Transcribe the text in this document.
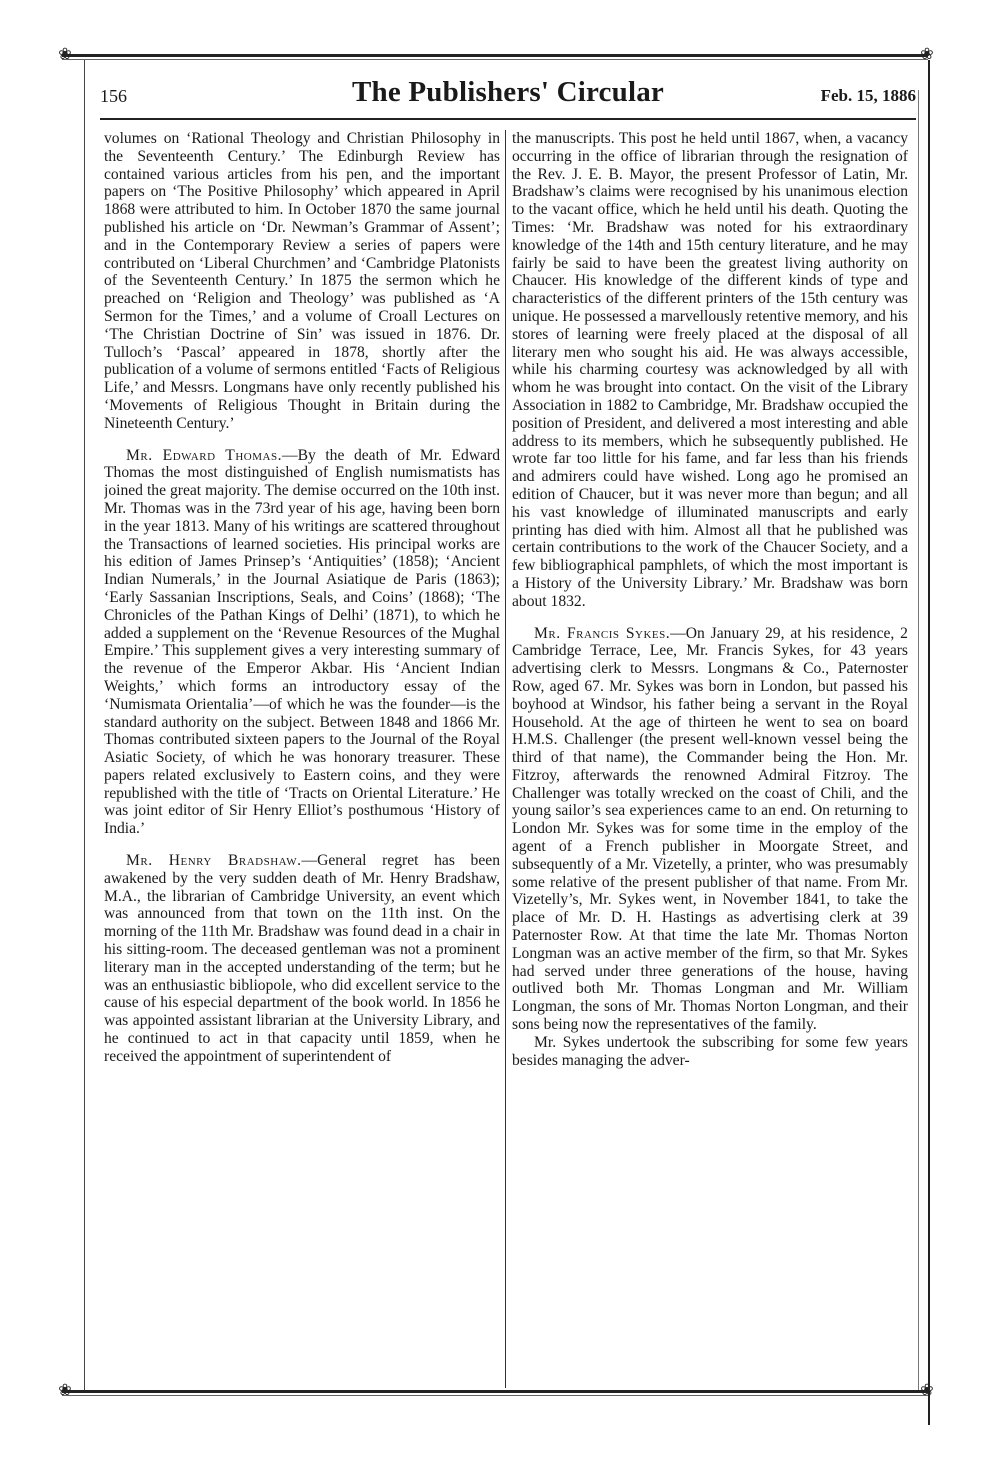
❀	❀
❀	❀
156	The Publishers' Circular	Feb. 15, 1886

volumes on ‘Rational Theology and Christian Philosophy in the Seventeenth Century.’ The Edinburgh Review has contained various articles from his pen, and the important papers on ‘The Positive Philosophy’ which appeared in April 1868 were attributed to him. In October 1870 the same journal published his article on ‘Dr. Newman’s Grammar of Assent’; and in the Contemporary Review a series of papers were contributed on ‘Liberal Churchmen’ and ‘Cambridge Platonists of the Seventeenth Century.’ In 1875 the sermon which he preached on ‘Religion and Theology’ was published as ‘A Sermon for the Times,’ and a volume of Croall Lectures on ‘The Christian Doctrine of Sin’ was issued in 1876. Dr. Tulloch’s ‘Pascal’ appeared in 1878, shortly after the publication of a volume of sermons entitled ‘Facts of Religious Life,’ and Messrs. Longmans have only recently published his ‘Movements of Religious Thought in Britain during the Nineteenth Century.’

Mr. Edward Thomas.—By the death of Mr. Edward Thomas the most distinguished of English numismatists has joined the great majority. The demise occurred on the 10th inst. Mr. Thomas was in the 73rd year of his age, having been born in the year 1813. Many of his writings are scattered throughout the Transactions of learned societies. His principal works are his edition of James Prinsep’s ‘Antiquities’ (1858); ‘Ancient Indian Numerals,’ in the Journal Asiatique de Paris (1863); ‘Early Sassanian Inscriptions, Seals, and Coins’ (1868); ‘The Chronicles of the Pathan Kings of Delhi’ (1871), to which he added a supplement on the ‘Revenue Resources of the Mughal Empire.’ This supplement gives a very interesting summary of the revenue of the Emperor Akbar. His ‘Ancient Indian Weights,’ which forms an introductory essay of the ‘Numismata Orientalia’—of which he was the founder—is the standard authority on the subject. Between 1848 and 1866 Mr. Thomas contributed sixteen papers to the Journal of the Royal Asiatic Society, of which he was honorary treasurer. These papers related exclusively to Eastern coins, and they were republished with the title of ‘Tracts on Oriental Literature.’ He was joint editor of Sir Henry Elliot’s posthumous ‘History of India.’

Mr. Henry Bradshaw.—General regret has been awakened by the very sudden death of Mr. Henry Bradshaw, M.A., the librarian of Cambridge University, an event which was announced from that town on the 11th inst. On the morning of the 11th Mr. Bradshaw was found dead in a chair in his sitting-room. The deceased gentleman was not a prominent literary man in the accepted understanding of the term; but he was an enthusiastic bibliopole, who did excellent service to the cause of his especial department of the book world. In 1856 he was appointed assistant librarian at the University Library, and he continued to act in that capacity until 1859, when he received the appointment of superintendent of

the manuscripts. This post he held until 1867, when, a vacancy occurring in the office of librarian through the resignation of the Rev. J. E. B. Mayor, the present Professor of Latin, Mr. Bradshaw’s claims were recognised by his unanimous election to the vacant office, which he held until his death. Quoting the Times: ‘Mr. Bradshaw was noted for his extraordinary knowledge of the 14th and 15th century literature, and he may fairly be said to have been the greatest living authority on Chaucer. His knowledge of the different kinds of type and characteristics of the different printers of the 15th century was unique. He possessed a marvellously retentive memory, and his stores of learning were freely placed at the disposal of all literary men who sought his aid. He was always accessible, while his charming courtesy was acknowledged by all with whom he was brought into contact. On the visit of the Library Association in 1882 to Cambridge, Mr. Bradshaw occupied the position of President, and delivered a most interesting and able address to its members, which he subsequently published. He wrote far too little for his fame, and far less than his friends and admirers could have wished. Long ago he promised an edition of Chaucer, but it was never more than begun; and all his vast knowledge of illuminated manuscripts and early printing has died with him. Almost all that he published was certain contributions to the work of the Chaucer Society, and a few bibliographical pamphlets, of which the most important is a History of the University Library.’ Mr. Bradshaw was born about 1832.

Mr. Francis Sykes.—On January 29, at his residence, 2 Cambridge Terrace, Lee, Mr. Francis Sykes, for 43 years advertising clerk to Messrs. Longmans & Co., Paternoster Row, aged 67. Mr. Sykes was born in London, but passed his boyhood at Windsor, his father being a servant in the Royal Household. At the age of thirteen he went to sea on board H.M.S. Challenger (the present well-known vessel being the third of that name), the Commander being the Hon. Mr. Fitzroy, afterwards the renowned Admiral Fitzroy. The Challenger was totally wrecked on the coast of Chili, and the young sailor’s sea experiences came to an end. On returning to London Mr. Sykes was for some time in the employ of the agent of a French publisher in Moorgate Street, and subsequently of a Mr. Vizetelly, a printer, who was presumably some relative of the present publisher of that name. From Mr. Vizetelly’s, Mr. Sykes went, in November 1841, to take the place of Mr. D. H. Hastings as advertising clerk at 39 Paternoster Row. At that time the late Mr. Thomas Norton Longman was an active member of the firm, so that Mr. Sykes had served under three generations of the house, having outlived both Mr. Thomas Longman and Mr. William Longman, the sons of Mr. Thomas Norton Longman, and their sons being now the representatives of the family.

Mr. Sykes undertook the subscribing for some few years besides managing the adver-
